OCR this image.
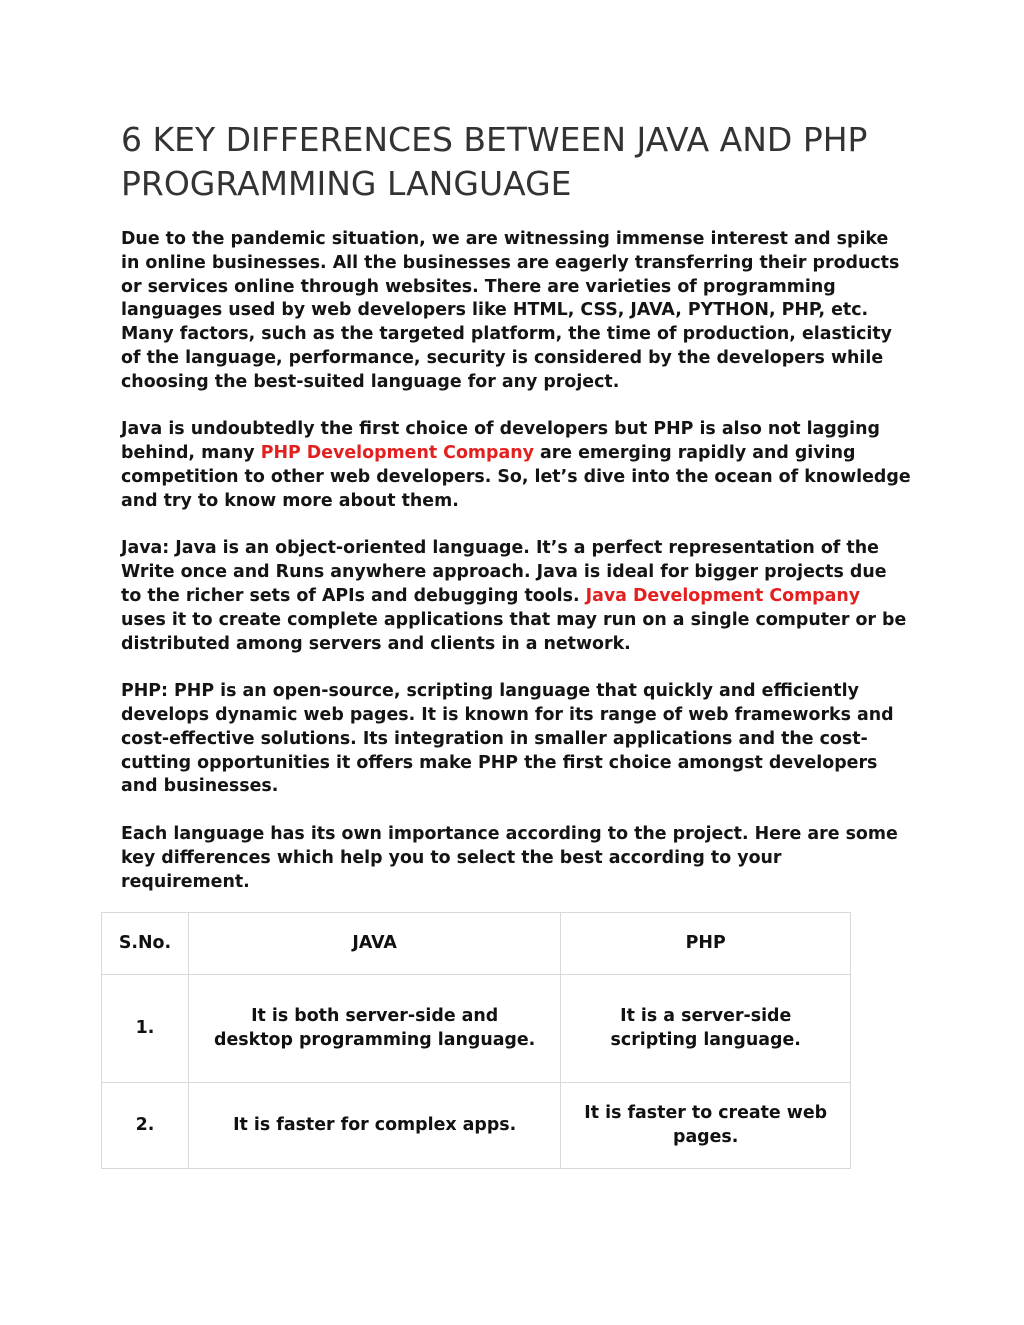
6 KEY DIFFERENCES BETWEEN JAVA AND PHP PROGRAMMING LANGUAGE

Due to the pandemic situation, we are witnessing immense interest and spike in online businesses. All the businesses are eagerly transferring their products or services online through websites. There are varieties of programming languages used by web developers like HTML, CSS, JAVA, PYTHON, PHP, etc. Many factors, such as the targeted platform, the time of production, elasticity of the language, performance, security is considered by the developers while choosing the best-suited language for any project.

Java is undoubtedly the first choice of developers but PHP is also not lagging behind, many PHP Development Company are emerging rapidly and giving competition to other web developers. So, let’s dive into the ocean of knowledge and try to know more about them.

Java: Java is an object-oriented language. It’s a perfect representation of the Write once and Runs anywhere approach. Java is ideal for bigger projects due to the richer sets of APIs and debugging tools. Java Development Company uses it to create complete applications that may run on a single computer or be distributed among servers and clients in a network.

PHP: PHP is an open-source, scripting language that quickly and efficiently develops dynamic web pages. It is known for its range of web frameworks and cost-effective solutions. Its integration in smaller applications and the cost-cutting opportunities it offers make PHP the first choice amongst developers and businesses.

Each language has its own importance according to the project. Here are some key differences which help you to select the best according to your requirement.

S.No.	JAVA	PHP
1.	It is both server-side and desktop programming language.	It is a server-side scripting language.
2.	It is faster for complex apps.	It is faster to create web pages.
